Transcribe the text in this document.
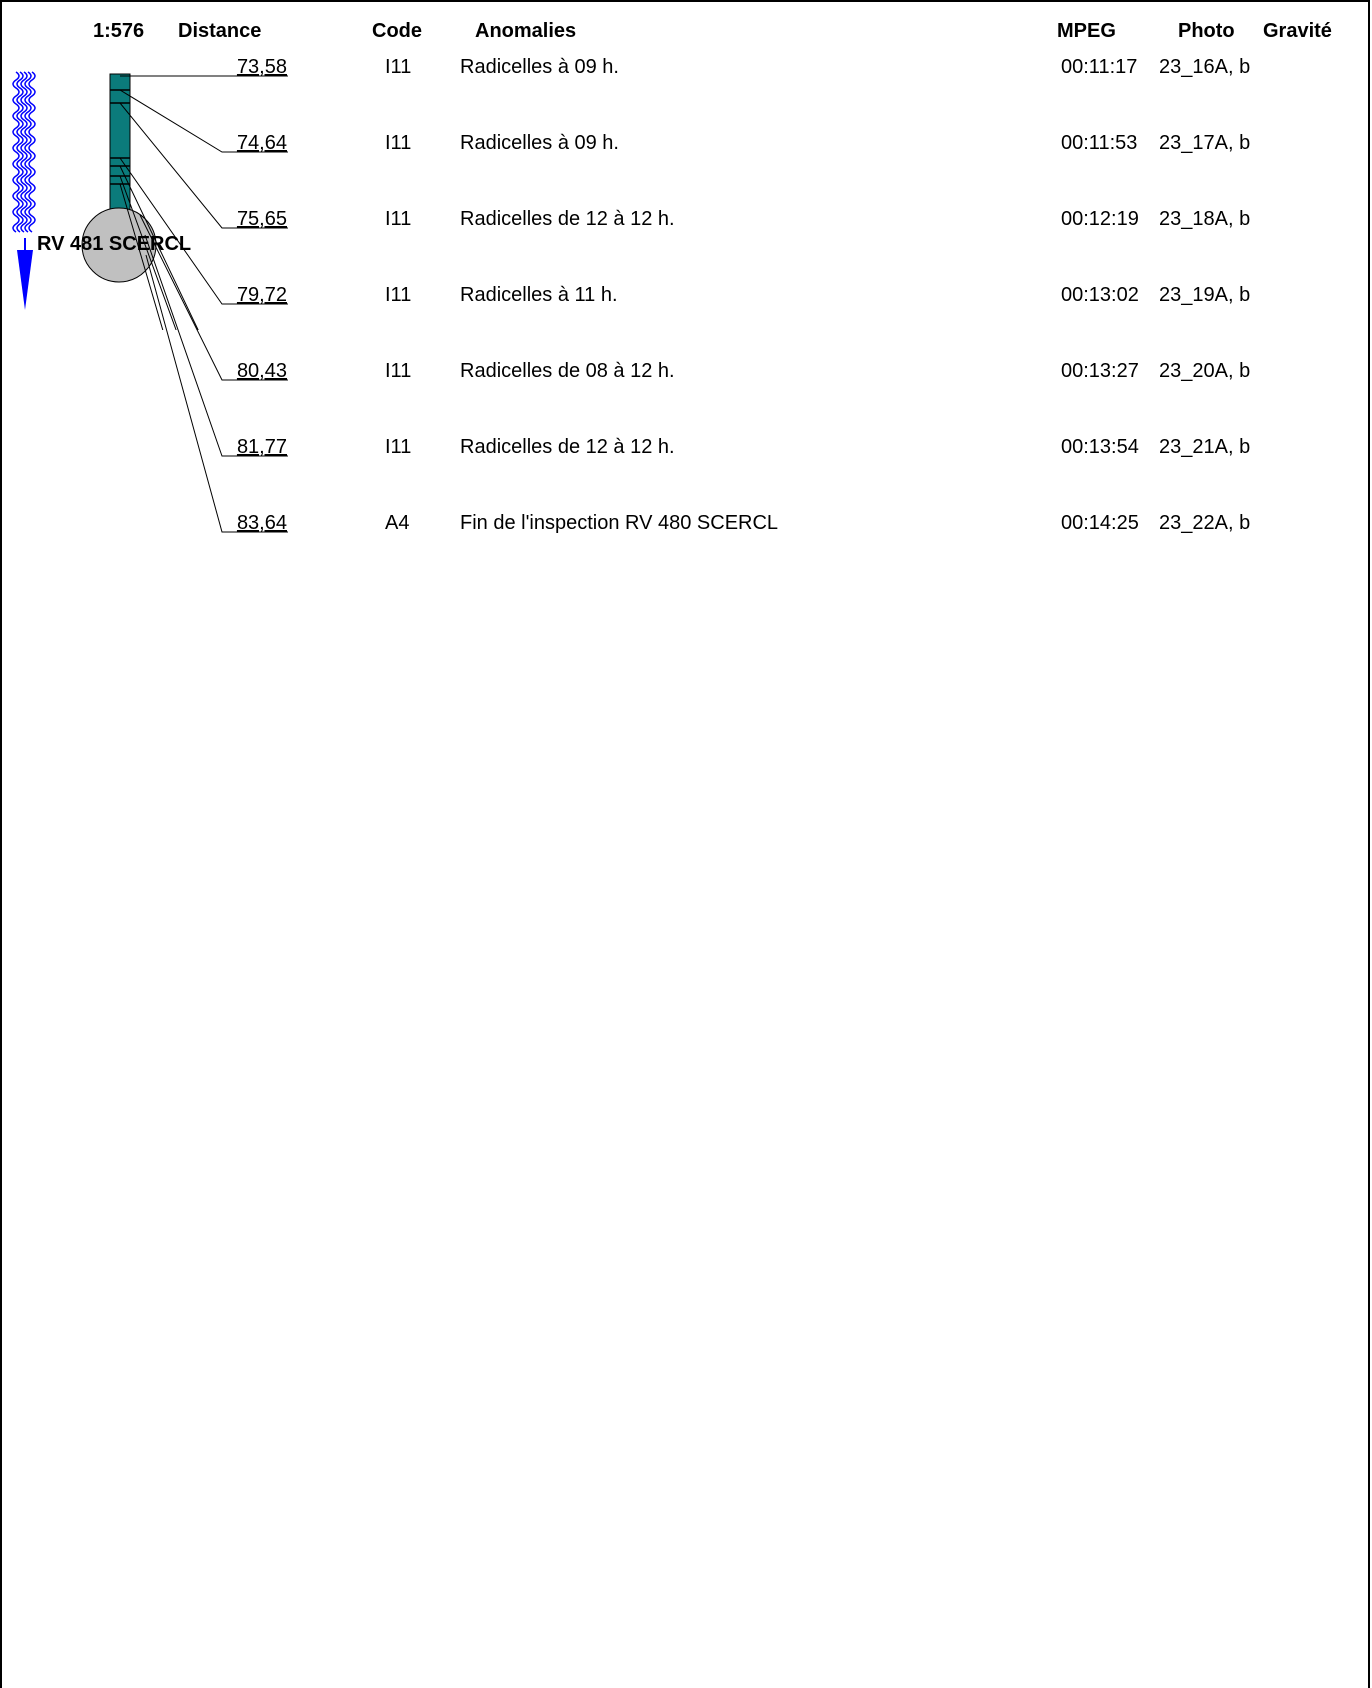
1:576 Distance	Code	Anomalies	MPEG	Photo Gravité
RV 481 SCERCL
73,58	I11 Radicelles à 09 h.	00:11:17 23_16A, b
74,64	I11 Radicelles à 09 h.	00:11:53 23_17A, b
75,65	I11 Radicelles de 12 à 12 h.	00:12:19 23_18A, b
79,72	I11 Radicelles à 11 h.	00:13:02 23_19A, b
80,43	I11 Radicelles de 08 à 12 h.	00:13:27 23_20A, b
81,77	I11 Radicelles de 12 à 12 h.	00:13:54 23_21A, b
83,64	A4	Fin de l'inspection RV 480 SCERCL	00:14:25 23_22A, b
